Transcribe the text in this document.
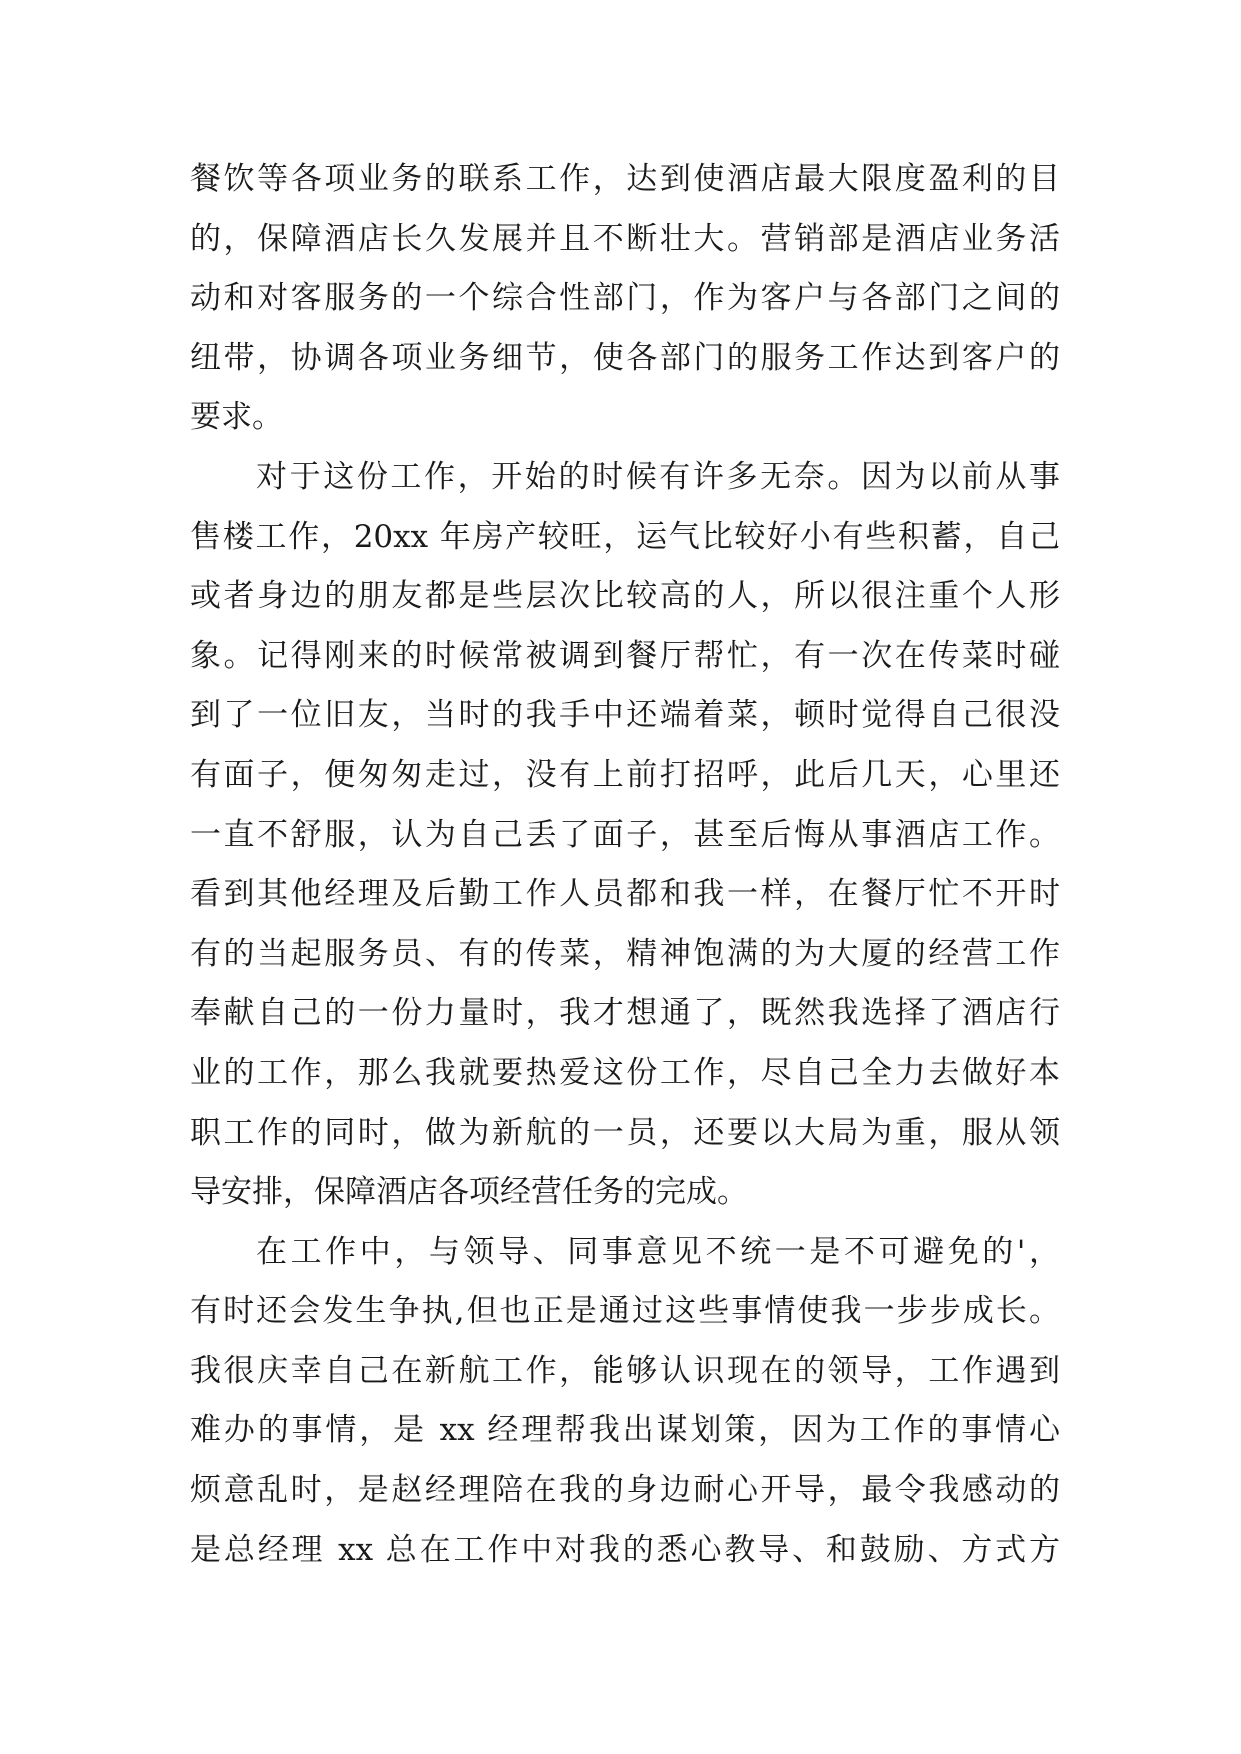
餐饮等各项业务的联系工作，达到使酒店最大限度盈利的目
的，保障酒店长久发展并且不断壮大。营销部是酒店业务活
动和对客服务的一个综合性部门，作为客户与各部门之间的
纽带，协调各项业务细节，使各部门的服务工作达到客户的
要求。
对于这份工作，开始的时候有许多无奈。因为以前从事
售楼工作，20xx 年房产较旺，运气比较好小有些积蓄，自己
或者身边的朋友都是些层次比较高的人，所以很注重个人形
象。记得刚来的时候常被调到餐厅帮忙，有一次在传菜时碰
到了一位旧友，当时的我手中还端着菜，顿时觉得自己很没
有面子，便匆匆走过，没有上前打招呼，此后几天，心里还
一直不舒服，认为自己丢了面子，甚至后悔从事酒店工作。
看到其他经理及后勤工作人员都和我一样，在餐厅忙不开时
有的当起服务员、有的传菜，精神饱满的为大厦的经营工作
奉献自己的一份力量时，我才想通了，既然我选择了酒店行
业的工作，那么我就要热爱这份工作，尽自己全力去做好本
职工作的同时，做为新航的一员，还要以大局为重，服从领
导安排，保障酒店各项经营任务的完成。
在工作中，与领导、同事意见不统一是不可避免的'，
有时还会发生争执,但也正是通过这些事情使我一步步成长。
我很庆幸自己在新航工作，能够认识现在的领导，工作遇到
难办的事情，是 xx 经理帮我出谋划策，因为工作的事情心
烦意乱时，是赵经理陪在我的身边耐心开导，最令我感动的
是总经理 xx 总在工作中对我的悉心教导、和鼓励、方式方
